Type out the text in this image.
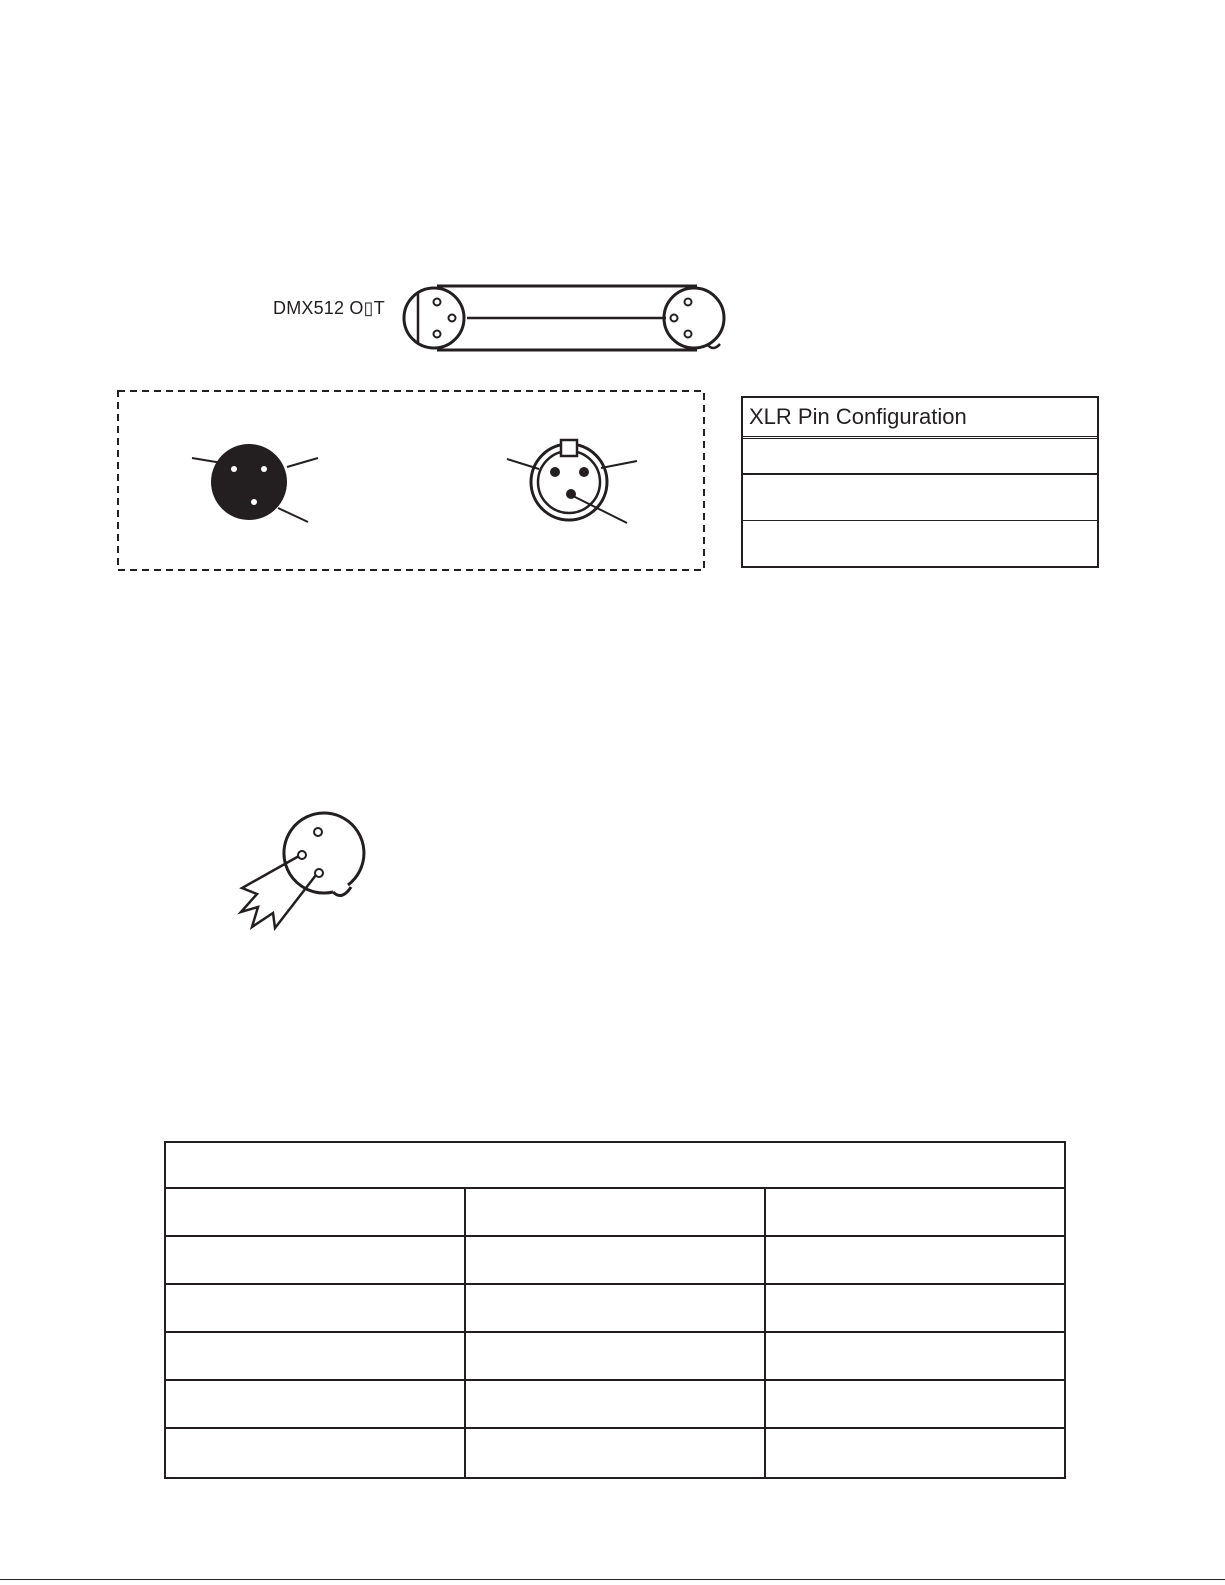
DMX512 O▯T
XLR Pin Configuration
